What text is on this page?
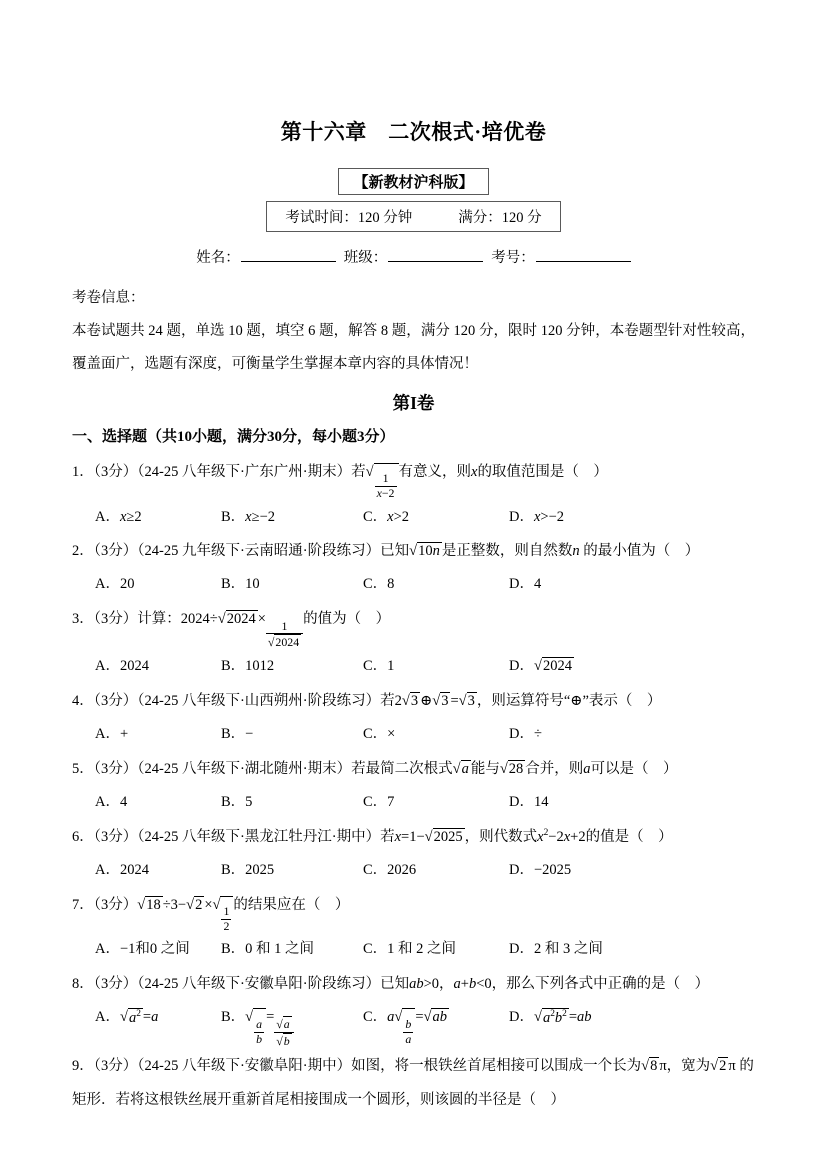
第十六章　二次根式·培优卷
【新教材沪科版】
考试时间：120 分钟	满分：120 分
姓名：	班级：	考号：

考卷信息：

本卷试题共 24 题，单选 10 题，填空 6 题，解答 8 题，满分 120 分，限时 120 分钟，本卷题型针对性较高，覆盖面广，选题有深度，可衡量学生掌握本章内容的具体情况！

第I卷
一、选择题（共10小题，满分30分，每小题3分）

1．（3分）（24-25 八年级下·广东广州·期末）若√
$\frac{1}{x-2}$
有意义，则x的取值范围是（　）

A．x≥2	B．x≥−2	C．x>2	D．x>−2

2．（3分）（24-25 九年级下·云南昭通·阶段练习）已知√10n 是正整数，则自然数n 的最小值为（　）

A．20	B．10	C．8	D．4

3．（3分）计算：2024÷√2024 ×
$\frac{1}{√2024}$
的值为（　）

A．2024	B．1012	C．1	D．√2024

4．（3分）（24-25 八年级下·山西朔州·阶段练习）若2√3 ⊕√3 =√3 ，则运算符号“⊕”表示（　）

A．+	B．−	C．×	D．÷

5．（3分）（24-25 八年级下·湖北随州·期末）若最简二次根式√a 能与√28 合并，则a可以是（　）

A．4	B．5	C．7	D．14

6．（3分）（24-25 八年级下·黑龙江牡丹江·期中）若x=1−√2025 ，则代数式$x^2-2x+2$的值是（　）

A．2024	B．2025	C．2026	D．−2025

7．（3分）√18 ÷3−√2 ×√
$\frac{1}{2}$
的结果应在（　）

A．−1和0 之间	B．0 和 1 之间	C．1 和 2 之间	D．2 和 3 之间

8．（3分）（24-25 八年级下·安徽阜阳·阶段练习）已知ab>0，a+b<0，那么下列各式中正确的是（　）

A．$√a^2 =a$	B．√
$\frac{a}{b}$
= $\frac{√a}{√b}$	C．a√
$\frac{b}{a}$
=√ab	D．$√a^2b^2 =ab$

9．（3分）（24-25 八年级下·安徽阜阳·期中）如图，将一根铁丝首尾相接可以围成一个长为√8 π，宽为√2 π 的矩形．若将这根铁丝展开重新首尾相接围成一个圆形，则该圆的半径是（　）
